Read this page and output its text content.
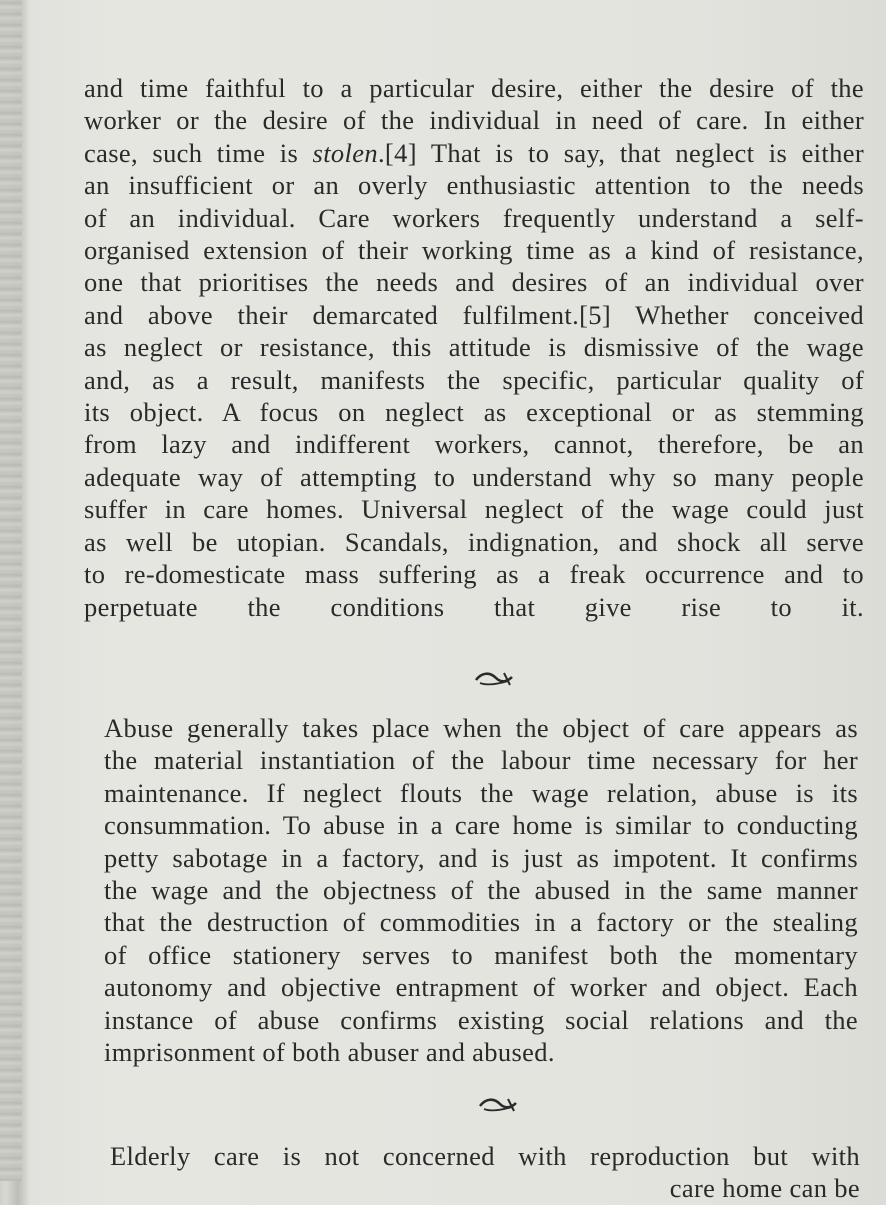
and time faithful to a particular desire, either the desire of the
worker or the desire of the individual in need of care. In either
case, such time is stolen.[4] That is to say, that neglect is either
an insufficient or an overly enthusiastic attention to the needs
of an individual. Care workers frequently understand a self-
organised extension of their working time as a kind of resistance,
one that prioritises the needs and desires of an individual over
and above their demarcated fulfilment.[5] Whether conceived
as neglect or resistance, this attitude is dismissive of the wage
and, as a result, manifests the specific, particular quality of
its object. A focus on neglect as exceptional or as stemming
from lazy and indifferent workers, cannot, therefore, be an
adequate way of attempting to understand why so many people
suffer in care homes. Universal neglect of the wage could just
as well be utopian. Scandals, indignation, and shock all serve
to re-domesticate mass suffering as a freak occurrence and to
perpetuate the conditions that give rise to it.

Abuse generally takes place when the object of care appears as
the material instantiation of the labour time necessary for her
maintenance. If neglect flouts the wage relation, abuse is its
consummation. To abuse in a care home is similar to conducting
petty sabotage in a factory, and is just as impotent. It confirms
the wage and the objectness of the abused in the same manner
that the destruction of commodities in a factory or the stealing
of office stationery serves to manifest both the momentary
autonomy and objective entrapment of worker and object. Each
instance of abuse confirms existing social relations and the
imprisonment of both abuser and abused.

Elderly care is not concerned with reproduction but with
care home can be
